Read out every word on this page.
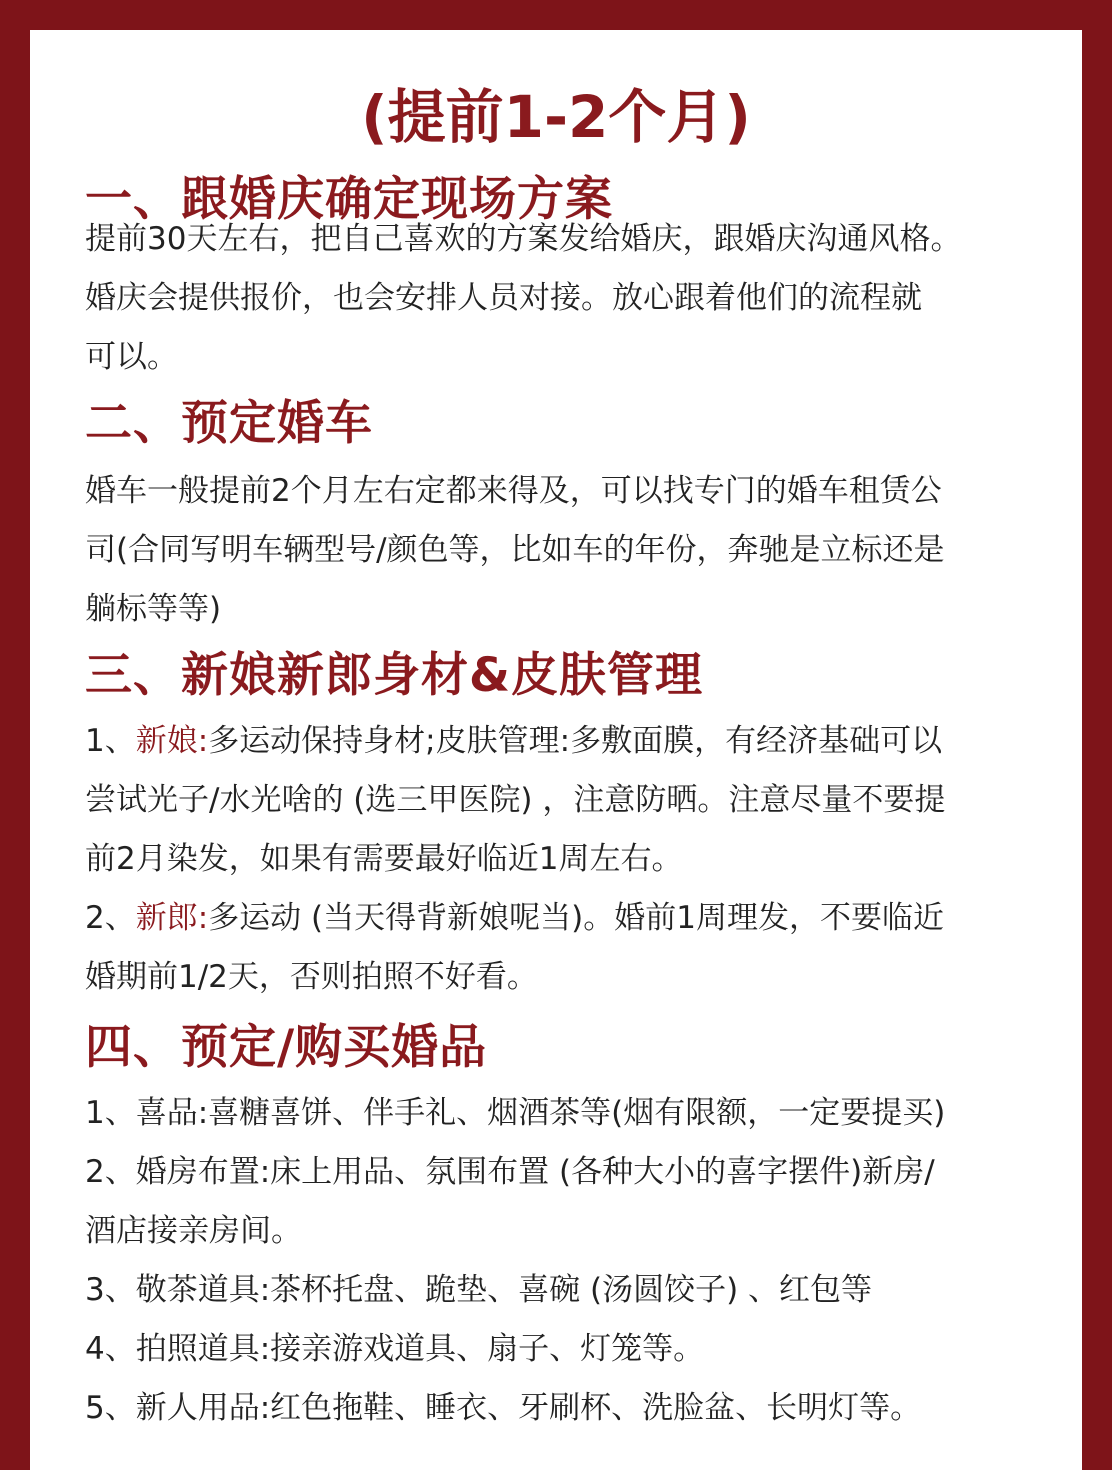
(提前1-2个月)
一、跟婚庆确定现场方案
提前30天左右，把自己喜欢的方案发给婚庆，跟婚庆沟通风格。
婚庆会提供报价，也会安排人员对接。放心跟着他们的流程就
可以。
二、预定婚车
婚车一般提前2个月左右定都来得及，可以找专门的婚车租赁公
司(合同写明车辆型号/颜色等，比如车的年份，奔驰是立标还是
躺标等等)
三、新娘新郎身材&皮肤管理
1、新娘:多运动保持身材;皮肤管理:多敷面膜，有经济基础可以
尝试光子/水光啥的 (选三甲医院) ，注意防晒。注意尽量不要提
前2月染发，如果有需要最好临近1周左右。
2、新郎:多运动 (当天得背新娘呢当)。婚前1周理发，不要临近
婚期前1/2天，否则拍照不好看。
四、预定/购买婚品
1、喜品:喜糖喜饼、伴手礼、烟酒茶等(烟有限额，一定要提买)
2、婚房布置:床上用品、氛围布置 (各种大小的喜字摆件)新房/
酒店接亲房间。
3、敬茶道具:茶杯托盘、跪垫、喜碗 (汤圆饺子) 、红包等
4、拍照道具:接亲游戏道具、扇子、灯笼等。
5、新人用品:红色拖鞋、睡衣、牙刷杯、洗脸盆、长明灯等。
